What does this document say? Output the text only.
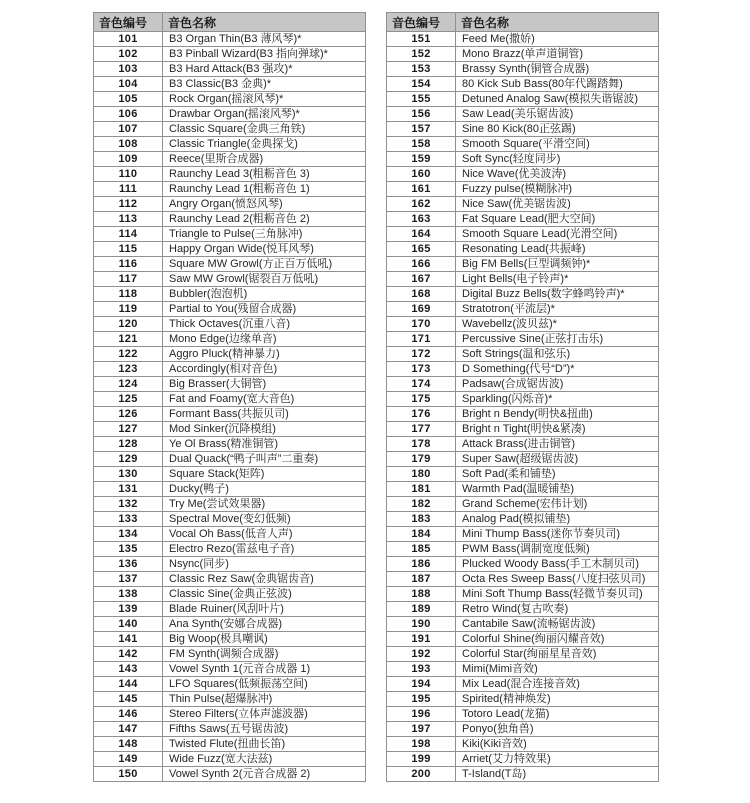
音色编号	音色名称
101	B3 Organ Thin(B3 薄风琴)*
102	B3 Pinball Wizard(B3 指向弹球)*
103	B3 Hard Attack(B3 强攻)*
104	B3 Classic(B3 金典)*
105	Rock Organ(摇滚风琴)*
106	Drawbar Organ(摇滚风琴)*
107	Classic Square(金典三角铁)
108	Classic Triangle(金典探戈)
109	Reece(里斯合成器)
110	Raunchy Lead 3(粗粝音色 3)
111	Raunchy Lead 1(粗粝音色 1)
112	Angry Organ(愤怒风琴)
113	Raunchy Lead 2(粗粝音色 2)
114	Triangle to Pulse(三角脉冲)
115	Happy Organ Wide(悦耳风琴)
116	Square MW Growl(方正百万低吼)
117	Saw MW Growl(锯裂百万低吼)
118	Bubbler(泡泡机)
119	Partial to You(残留合成器)
120	Thick Octaves(沉重八音)
121	Mono Edge(边缘单音)
122	Aggro Pluck(精神暴力)
123	Accordingly(相对音色)
124	Big Brasser(大铜管)
125	Fat and Foamy(宽大音色)
126	Formant Bass(共振贝司)
127	Mod Sinker(沉降模组)
128	Ye Ol Brass(精准铜管)
129	Dual Quack(“鸭子叫声”二重奏)
130	Square Stack(矩阵)
131	Ducky(鸭子)
132	Try Me(尝试效果器)
133	Spectral Move(变幻低频)
134	Vocal Oh Bass(低音人声)
135	Electro Rezo(雷兹电子音)
136	Nsync(同步)
137	Classic Rez Saw(金典锯齿音)
138	Classic Sine(金典正弦波)
139	Blade Ruiner(风刮叶片)
140	Ana Synth(安娜合成器)
141	Big Woop(极具嘲讽)
142	FM Synth(调频合成器)
143	Vowel Synth 1(元音合成器 1)
144	LFO Squares(低频振荡空间)
145	Thin Pulse(超爆脉冲)
146	Stereo Filters(立体声滤波器)
147	Fifths Saws(五号锯齿波)
148	Twisted Flute(扭曲长笛)
149	Wide Fuzz(宽大法兹)
150	Vowel Synth 2(元音合成器 2)
音色编号	音色名称
151	Feed Me(撒娇)
152	Mono Brazz(单声道铜管)
153	Brassy Synth(铜管合成器)
154	80 Kick Sub Bass(80年代踢踏舞)
155	Detuned Analog Saw(模拟失谐锯波)
156	Saw Lead(美乐锯齿波)
157	Sine 80 Kick(80正弦踢)
158	Smooth Square(平滑空间)
159	Soft Sync(轻度同步)
160	Nice Wave(优美波涛)
161	Fuzzy pulse(模糊脉冲)
162	Nice Saw(优美锯齿波)
163	Fat Square Lead(肥大空间)
164	Smooth Square Lead(光滑空间)
165	Resonating Lead(共振峰)
166	Big FM Bells(巨型调频钟)*
167	Light Bells(电子铃声)*
168	Digital Buzz Bells(数字蜂鸣铃声)*
169	Stratotron(平流层)*
170	Wavebellz(波贝兹)*
171	Percussive Sine(正弦打击乐)
172	Soft Strings(温和弦乐)
173	D Something(代号“D”)*
174	Padsaw(合成锯齿波)
175	Sparkling(闪烁音)*
176	Bright n Bendy(明快&扭曲)
177	Bright n Tight(明快&紧凑)
178	Attack Brass(进击铜管)
179	Super Saw(超级锯齿波)
180	Soft Pad(柔和铺垫)
181	Warmth Pad(温暖铺垫)
182	Grand Scheme(宏伟计划)
183	Analog Pad(模拟铺垫)
184	Mini Thump Bass(迷你节奏贝司)
185	PWM Bass(调制宽度低频)
186	Plucked Woody Bass(手工木制贝司)
187	Octa Res Sweep Bass(八度扫弦贝司)
188	Mini Soft Thump Bass(轻微节奏贝司)
189	Retro Wind(复古吹奏)
190	Cantabile Saw(流畅锯齿波)
191	Colorful Shine(绚丽闪耀音效)
192	Colorful Star(绚丽星星音效)
193	Mimi(Mimi音效)
194	Mix Lead(混合连接音效)
195	Spirited(精神焕发)
196	Totoro Lead(龙猫)
197	Ponyo(独角兽)
198	Kiki(Kiki音效)
199	Arriet(艾力特效果)
200	T-Island(T岛)
